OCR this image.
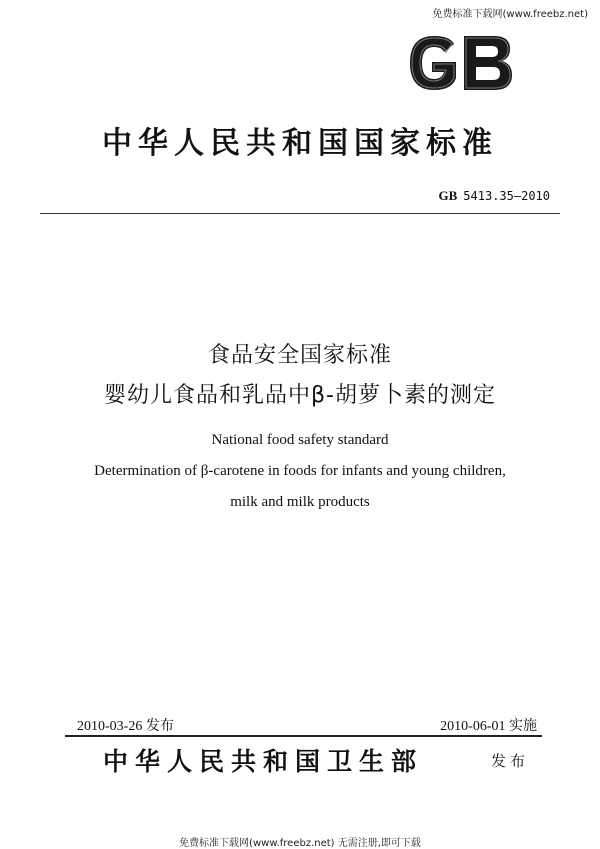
免费标准下载网(www.freebz.net)
中华人民共和国国家标准
GB 5413.35—2010
食品安全国家标准
婴幼儿食品和乳品中β-胡萝卜素的测定
National food safety standard
Determination of β-carotene in foods for infants and young children,
milk and milk products
2010-03-26 发布	2010-06-01 实施
中华人民共和国卫生部	发布
免费标准下载网(www.freebz.net) 无需注册,即可下载
